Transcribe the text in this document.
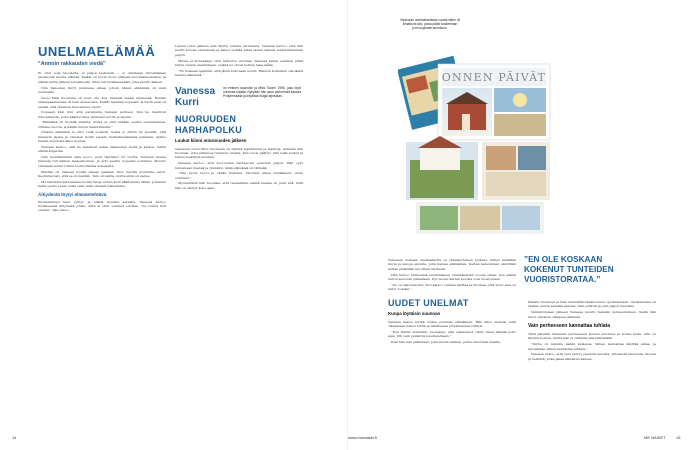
UNELMAELÄMÄÄ
“Annoin rakkauden viedä”

Ei ollut noja tavoitelta, ei paljoa kielteisiä — ei ollenkaan tarvettakaan unelmoida muuta elämää. Kaikki oli hyvin myös pitkissä suoranaisuuksissa, ja elämä tuntui jälleen turvalliselta. Siten tuli hiukkaseenkin, joka muutti kaiken.

Niin Vanessan Kurri muistelee aikaa, jolloin hänen elämänsä oli vielä suunnattu.

Vuosi Miss Suomena oli juuri ohi, kun Vanessa tapasi miehensä. Heidän ensitapaamisensa oli kuin elokuvasta. Kaikki tapahtui nopeasti, ja hyvin pian oli selvää, että yhteinen tulevaisuus odotti.

Nopeasti kävi ilmi, että pariskunta haluaisi perheen. Kun he miettivät tulevaisuutta, puhe kääntyi aina yhteiseen kotiin ja lapsiin.

”Elämästä oli hyvällä mallilla, mutta ei ollut mitään suurta suunnitelmaa. Olimme nuoria, ja kaikki tuntui mahdolliselta.”

Omasta elämästä ei ollut vielä puhetta, mutta jo silloin he tiesivät, että haluavat lapsia ja yhteisen kodin jossain rauhallisemmassa paikassa. Ajatus maalle muutosta alkoi kypsyä.

Vanessa kertoo, että he halusivat antaa rakkauden viedä ja katsoa, mihin elämä kuljettaa.

Olin tavallisemmin aika nuori, juuri täyttänyt 23 vuotta. Suhteen alussa minusta tuli kaiken tasapainoinen, ja arki asettui nopeasti uomiinsa. Muutto yhteiseen kotiin tuntui luonnolliselta askeleelta.

Meidän oli vaikeaa löytää oikeaa paikkaa. Kun lopulta löysimme talon, tiesimme heti, että se oli meidän. Talo oli vanha, mutta siinä oli sielua.

Me kävimme katsomassa monia taloja ennen kuin päädyimme tähän. Jokainen kerta opetti jotain uutta siitä, mitä oikeasti halusimme.

Äitiydestä löytyi elämäntehtävä

Ensimmäinen lapsi syntyi, ja elämä muuttui kerralla. Vanessa kertoo löytäneensä äitiydestä jotain, mitä ei ollut osannut odottaa. ”Se tuntui heti omalta”, hän sanoo.

Lasten tulon jälkeen arki täyttyi uusista rutiineista. Vanessa kertoo, että hän nautti kotona olemisesta ja halusi viettää aikaa lasten kanssa mahdollisimman paljon.

Muuta ei kuitenkaan ollut tarkoitus unohtaa. Vanessa halusi edelleen pitää kiinni omista unelmistaan, vaikka ne olivat hetken taka-alalla.

”En koskaan ajatellut, että jäisin kokonaan kotiin. Halusin kuitenkin olla läsnä lasteni elämässä.”

Vanessa Kurri
on entinen kaunotar ja Miss Suomi 1995, joka löysi onnensa maalta. Nykyään hän asuu perheensä kanssa Pohjanmaalla ja kirjoittaa blogia arjestaan.
NUORUUDEN HARHAPOLKU
Luukut kiinni missivuoden jälkeen

Vanessan vuosi Miss Suomena oli täynnä tapahtumia ja matkoja. Samalla hän huomasi, ettei julkisuus tuntunut omalta. Kun vuosi päättyi, hän sulki luukut ja halusi keskittyä muuhun.

Vanessa kertoo, että nuoruuden harhapolut opettivat paljon. Hän oppi tuntemaan itsensä ja ymmärsi, mikä elämässä on tärkeää.

”Olin hyvin nuori ja vähän hukassa. Tarvitsin aikaa löytääkseni oman suuntani.”

Myöhemmin hän huomasi, että rauhallinen elämä maalla oli juuri sitä, mitä hän oli etsinyt koko ajan.

14
ONNEN PÄIVÄT
Vanessan unelmakartassa vuosia sitten oli liimattuna talo, jossa pääsi koskemaan juuri sopivasti aurinkoon.

Vanessan mukaan unelmakartta on yksinkertainen työkalu. Siihen kerätään kuvia ja sanoja asioista, joita haluaa elämäänsä. Kartan katsominen päivittäin auttaa pitämään tavoitteet mielessä.

Hän kertoo tehneensä ensimmäisen unelmakartan vuosia sitten, kun elämä tuntui seisovan paikallaan. Nyt monet kartan kuvista ovat toteutuneet.

”Se on uskomatonta, kun katsoo vanhaa karttaa ja huomaa, että moni asia on tullut todeksi.”

UUDET UNELMAT
Kunpa löytäisin suunnan

Vanessa halusi löytää uuden suunnan elämälleen. Hän alkoi miettiä, mitä oikeastaan halusi tehdä ja millaisessa ympäristössä viihtyä.

”Kun lähdin etsimään, huomasin, että vastaukset olivat olleet lähellä koko ajan. Piti vain pysähtyä kuuntelemaan.”

Pian hän teki päätöksen, joka muutti kaiken: perhe muuttaisi maalle.

”EN OLE KOSKAAN KOKENUT TUNTEIDEN VUORISTORATAA.”

Palasin Suomeen ja hain ammattikorkeakouluun opiskelemaan. Opiskeluaika oli raskas, mutta samalla antoisa. Sain ystäviä ja opin paljon itsestäni.

Valmistumisen jälkeen Vanessa muutti takaisin kotiseudulleen. Siellä hän tunsi olevansa oikeassa paikassa.

Vain perheeseen kannattaa tuhlata

Tänä päivänä Vanessan perheeseen kuuluu aviomies ja kolme lasta. Arki on täynnä touhua, mutta hän ei vaihtaisi sitä mihinkään.

”Perhe on minulle kaikki kaikessa. Siihen kannattaa käyttää aikaa, ja ainoastaan siihen kannattaa tuhlata.”

Vanessa uskoo, että onni syntyy pienistä asioista: yhteisistä aterioista, illoista ja hetkistä, jotka jakaa läheisten kanssa.

www.menaiset.fi	ME NAISET	15
